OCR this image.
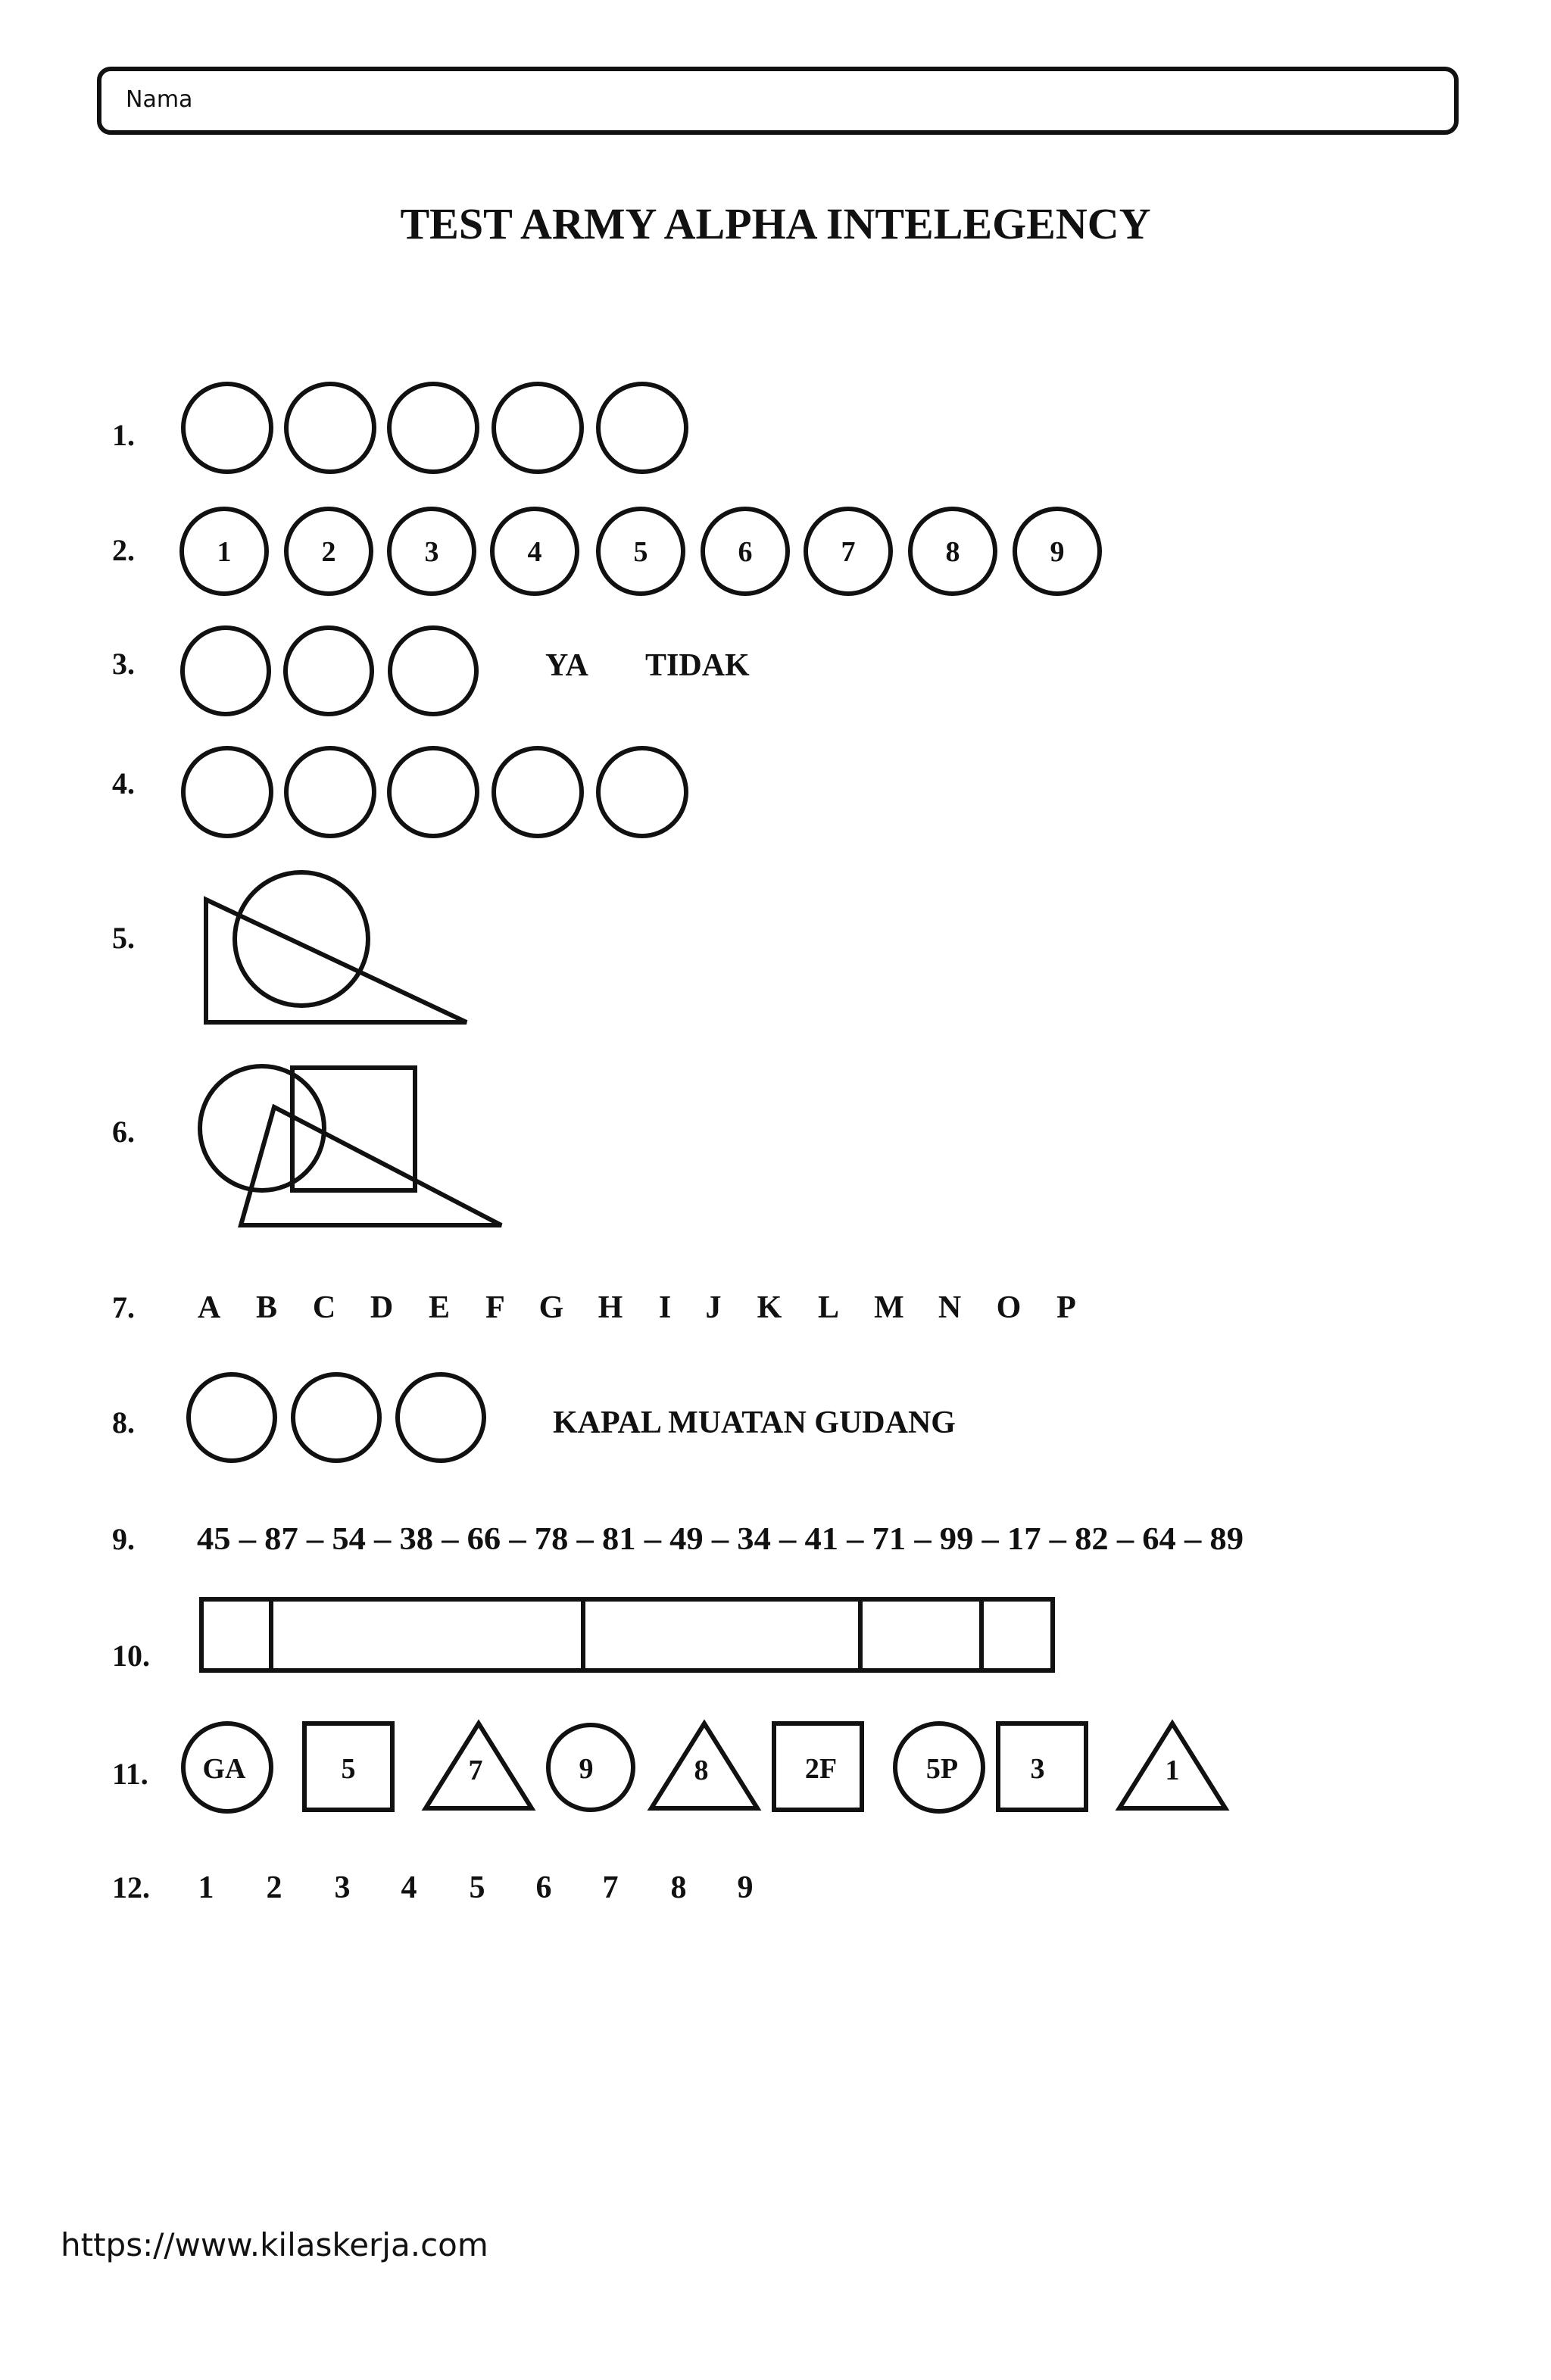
Nama
TEST ARMY ALPHA INTELEGENCY
1.
2.	1	2	3	4	5	6	7	8	9
3.	YA TIDAK
4.
5.
6.
7. A B C D E F G H I J K L M N O P
8.	KAPAL MUATAN GUDANG
9. 45 – 87 – 54 – 38 – 66 – 78 – 81 – 49 – 34 – 41 – 71 – 99 – 17 – 82 – 64 – 89
10.
11. GA	5	7	9	8	2F	5P	3	1
12. 1 2 3 4 5 6 7 8 9
https://www.kilaskerja.com
